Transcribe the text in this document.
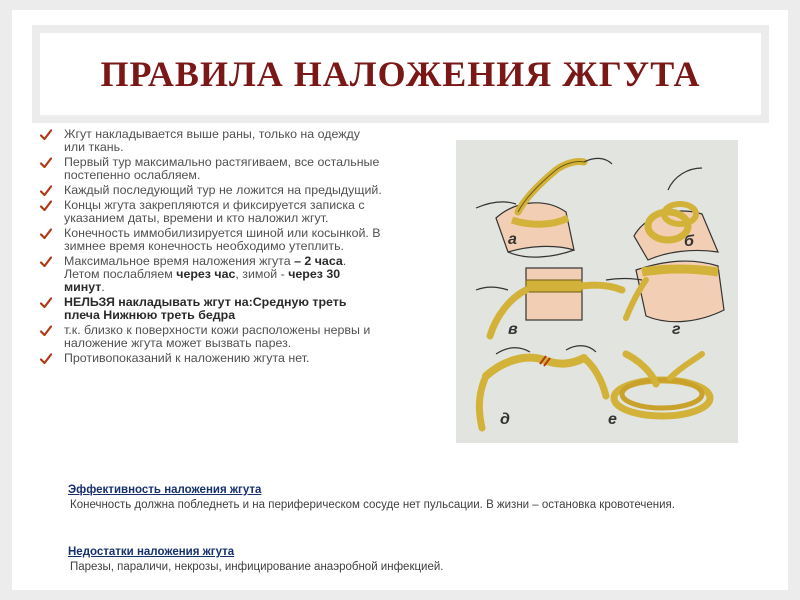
ПРАВИЛА НАЛОЖЕНИЯ ЖГУТА
Жгут накладывается выше раны, только на одежду или ткань.
Первый тур максимально растягиваем, все остальные постепенно ослабляем.
Каждый последующий тур не ложится на предыдущий.
Концы жгута закрепляются и фиксируется записка с указанием даты, времени и кто наложил жгут.
Конечность иммобилизируется шиной или косынкой. В зимнее время конечность необходимо утеплить.
Максимальное время наложения жгута – 2 часа. Летом послабляем через час, зимой - через 30 минут.
НЕЛЬЗЯ накладывать жгут на:Средную треть плеча Нижнюю треть бедра
т.к. близко к поверхности кожи расположены нервы и наложение жгута может вызвать парез.
Противопоказаний к наложению жгута нет.
а	б
в	г
д	е

Эффективность наложения жгута

Конечность должна побледнеть и на периферическом сосуде нет пульсации. В жизни – остановка кровотечения.

Недостатки наложения жгута

Парезы, параличи, некрозы, инфицирование анаэробной инфекцией.
